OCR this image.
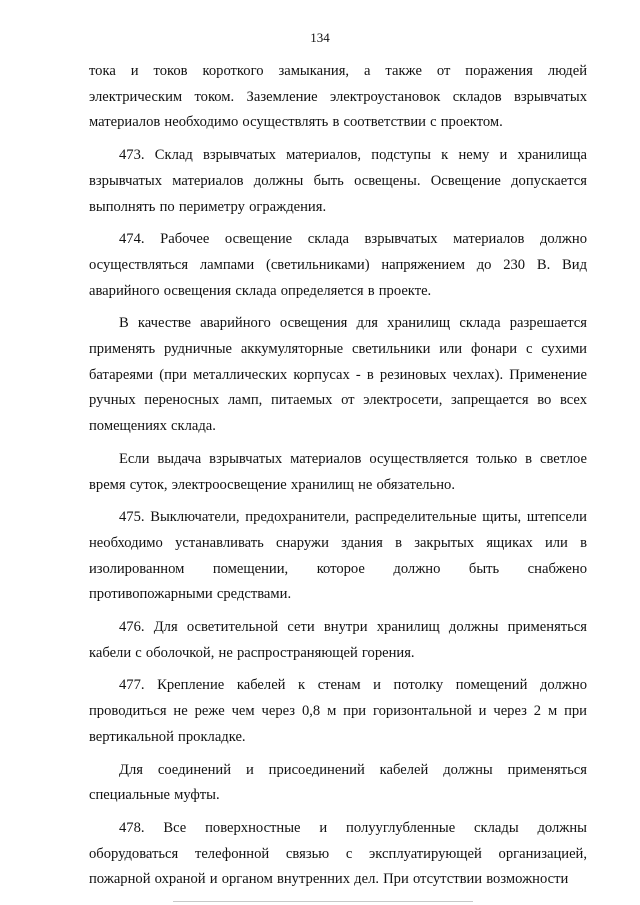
134

тока и токов короткого замыкания, а также от поражения людей электрическим током. Заземление электроустановок складов взрывчатых материалов необходимо осуществлять в соответствии с проектом.

473. Склад взрывчатых материалов, подступы к нему и хранилища взрывчатых материалов должны быть освещены. Освещение допускается выполнять по периметру ограждения.

474. Рабочее освещение склада взрывчатых материалов должно осуществляться лампами (светильниками) напряжением до 230 В. Вид аварийного освещения склада определяется в проекте.

В качестве аварийного освещения для хранилищ склада разрешается применять рудничные аккумуляторные светильники или фонари с сухими батареями (при металлических корпусах - в резиновых чехлах). Применение ручных переносных ламп, питаемых от электросети, запрещается во всех помещениях склада.

Если выдача взрывчатых материалов осуществляется только в светлое время суток, электроосвещение хранилищ не обязательно.

475. Выключатели, предохранители, распределительные щиты, штепсели необходимо устанавливать снаружи здания в закрытых ящиках или в изолированном помещении, которое должно быть снабжено противопожарными средствами.

476. Для осветительной сети внутри хранилищ должны применяться кабели с оболочкой, не распространяющей горения.

477. Крепление кабелей к стенам и потолку помещений должно проводиться не реже чем через 0,8 м при горизонтальной и через 2 м при вертикальной прокладке.

Для соединений и присоединений кабелей должны применяться специальные муфты.

478. Все поверхностные и полууглубленные склады должны оборудоваться телефонной связью с эксплуатирующей организацией, пожарной охраной и органом внутренних дел. При отсутствии возможности
